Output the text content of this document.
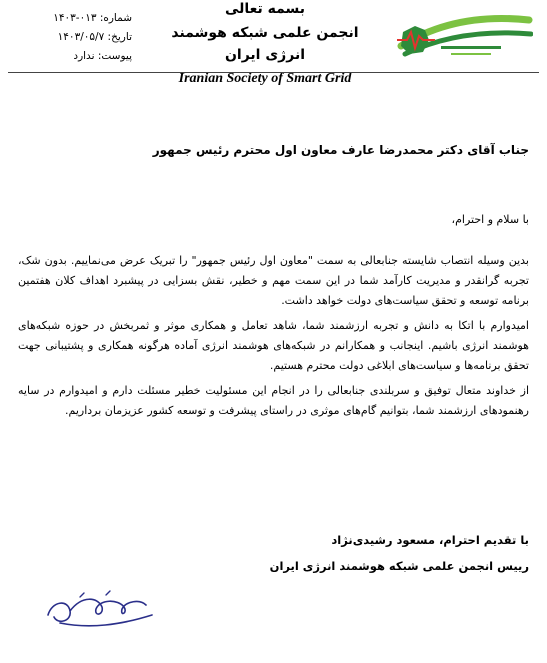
بسمه تعالی
انجمن علمی شبکه هوشمند انرژی ایران
Iranian Society of Smart Grid
شماره: ۰۱۳-۱۴۰۳
تاریخ: ۱۴۰۳/۰۵/۷
پیوست: ندارد
جناب آقای دکتر محمدرضا عارف معاون اول محترم رئیس جمهور
با سلام و احترام،
بدین وسیله انتصاب شایسته جنابعالی به سمت "معاون اول رئیس جمهور" را تبریک عرض می‌نماییم. بدون شک، تجربه گرانقدر و مدیریت کارآمد شما در این سمت مهم و خطیر، نقش بسزایی در پیشبرد اهداف کلان هفتمین برنامه توسعه و تحقق سیاست‌های دولت خواهد داشت.
امیدوارم با اتکا به دانش و تجربه ارزشمند شما، شاهد تعامل و همکاری موثر و ثمربخش در حوزه شبکه‌های هوشمند انرژی باشیم. اینجانب و همکارانم در شبکه‌های هوشمند انرژی آماده هرگونه همکاری و پشتیبانی جهت تحقق برنامه‌ها و سیاست‌های ابلاغی دولت محترم هستیم.
از خداوند متعال توفیق و سربلندی جنابعالی را در انجام این مسئولیت خطیر مسئلت دارم و امیدوارم در سایه رهنمودهای ارزشمند شما، بتوانیم گام‌های موثری در راستای پیشرفت و توسعه کشور عزیزمان برداریم.
با تقدیم احترام، مسعود رشیدی‌نژاد
رییس انجمن علمی شبکه هوشمند انرژی ایران
